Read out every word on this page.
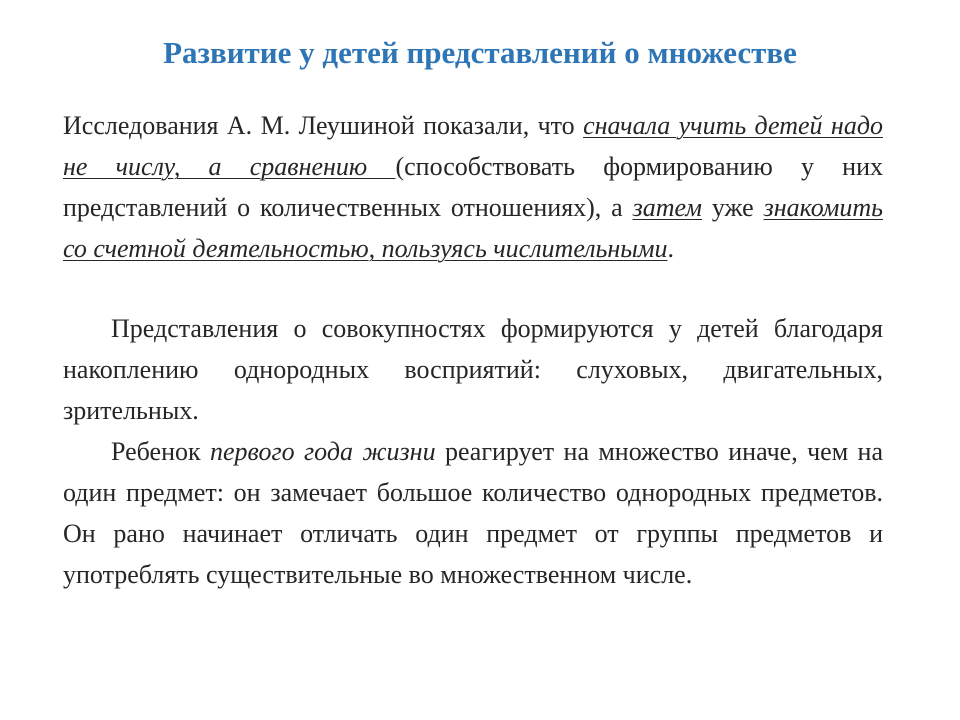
Развитие у детей представлений о множестве

Исследования А. М. Леушиной показали, что сначала учить детей надо не числу, а сравнению (способствовать формированию у них представлений о количественных отношениях), а затем уже знакомить со счетной деятельностью, пользуясь числительными.

Представления о совокупностях формируются у детей благодаря накоплению однородных восприятий: слуховых, двигательных, зрительных.

Ребенок первого года жизни реагирует на множество иначе, чем на один предмет: он замечает большое количество однородных предметов. Он рано начинает отличать один предмет от группы предметов и употреблять существительные во множественном числе.
